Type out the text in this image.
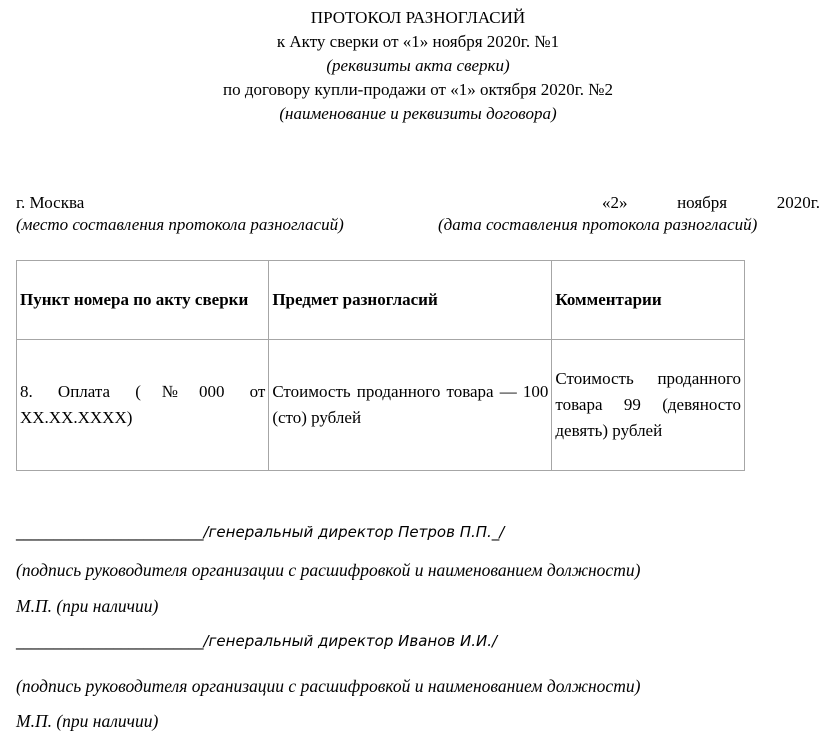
ПРОТОКОЛ РАЗНОГЛАСИЙ
к Акту сверки от «1» ноября 2020г. №1
(реквизиты акта сверки)
по договору купли-продажи от «1» октября 2020г. №2
(наименование и реквизиты договора)
г. Москва	«2»	ноября	2020г.
(место составления протокола разногласий)	(дата составления протокола разногласий)
Пункт номера по акту сверки	Предмет разногласий	Комментарии
8. Оплата (№000 от XX.XX.XXXX)	Стоимость проданного товара — 100 (сто) рублей	Стоимость проданного товара 99 (девяносто девять) рублей
_________________________/генеральный директор Петров П.П._/
(подпись руководителя организации с расшифровкой и наименованием должности)
М.П. (при наличии)
_________________________/генеральный директор Иванов И.И./
(подпись руководителя организации с расшифровкой и наименованием должности)
М.П. (при наличии)
